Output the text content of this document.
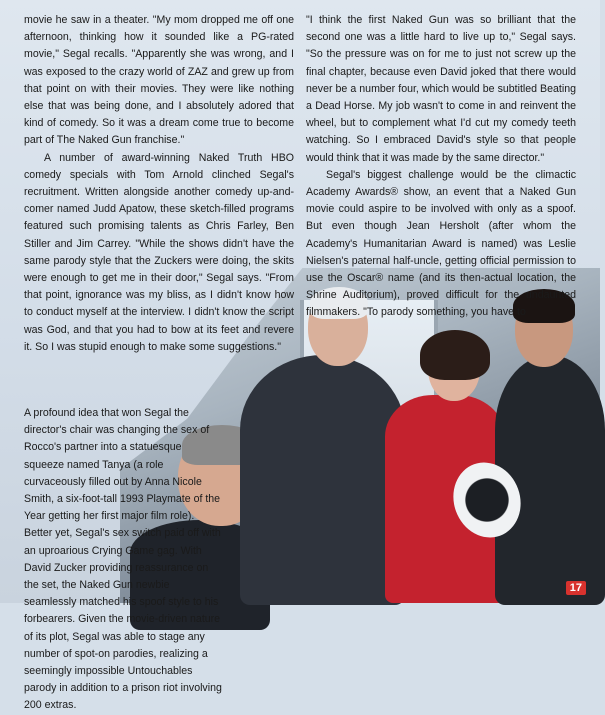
movie he saw in a theater. "My mom dropped me off one afternoon, thinking how it sounded like a PG-rated movie," Segal recalls. "Apparently she was wrong, and I was exposed to the crazy world of ZAZ and grew up from that point on with their movies. They were like nothing else that was being done, and I absolutely adored that kind of comedy. So it was a dream come true to become part of The Naked Gun franchise."

A number of award-winning Naked Truth HBO comedy specials with Tom Arnold clinched Segal's recruitment. Written alongside another comedy up-and-comer named Judd Apatow, these sketch-filled programs featured such promising talents as Chris Farley, Ben Stiller and Jim Carrey. "While the shows didn't have the same parody style that the Zuckers were doing, the skits were enough to get me in their door," Segal says. "From that point, ignorance was my bliss, as I didn't know how to conduct myself at the interview. I didn't know the script was God, and that you had to bow at its feet and revere it. So I was stupid enough to make some suggestions."

A profound idea that won Segal the director's chair was changing the sex of Rocco's partner into a statuesque squeeze named Tanya (a role curvaceously filled out by Anna Nicole Smith, a six-foot-tall 1993 Playmate of the Year getting her first major film role). Better yet, Segal's sex switch paid off with an uproarious Crying Game gag. With David Zucker providing reassurance on the set, the Naked Gun newbie seamlessly matched his spoof style to his forbearers. Given the movie-driven nature of its plot, Segal was able to stage any number of spot-on parodies, realizing a seemingly impossible Untouchables parody in addition to a prison riot involving 200 extras.

"I think the first Naked Gun was so brilliant that the second one was a little hard to live up to," Segal says. "So the pressure was on for me to just not screw up the final chapter, because even David joked that there would never be a number four, which would be subtitled Beating a Dead Horse. My job wasn't to come in and reinvent the wheel, but to complement what I'd cut my comedy teeth watching. So I embraced David's style so that people would think that it was made by the same director."

Segal's biggest challenge would be the climactic Academy Awards® show, an event that a Naked Gun movie could aspire to be involved with only as a spoof. But even though Jean Hersholt (after whom the Academy's Humanitarian Award is named) was Leslie Nielsen's paternal half-uncle, getting official permission to use the Oscar® name (and its then-actual location, the Shrine Auditorium), proved difficult for the undaunted filmmakers. "To parody something, you have to

17
